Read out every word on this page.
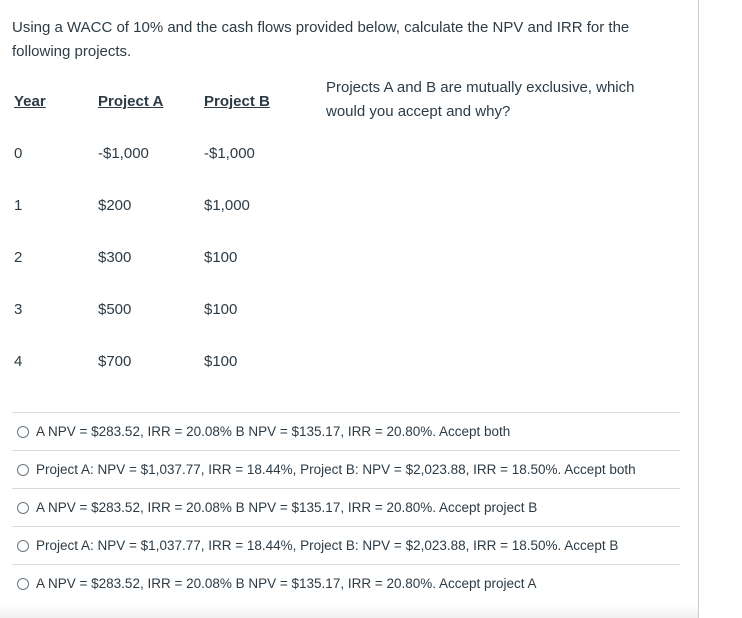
Using a WACC of 10% and the cash flows provided below, calculate the NPV and IRR for the following projects.
Projects A and B are mutually exclusive, which would you accept and why?
Year	Project A	Project B
0	-$1,000	-$1,000
1	$200	$1,000
2	$300	$100
3	$500	$100
4	$700	$100
A NPV = $283.52, IRR = 20.08% B NPV = $135.17, IRR = 20.80%. Accept both
Project A: NPV = $1,037.77, IRR = 18.44%, Project B: NPV = $2,023.88, IRR = 18.50%. Accept both
A NPV = $283.52, IRR = 20.08% B NPV = $135.17, IRR = 20.80%. Accept project B
Project A: NPV = $1,037.77, IRR = 18.44%, Project B: NPV = $2,023.88, IRR = 18.50%. Accept B
A NPV = $283.52, IRR = 20.08% B NPV = $135.17, IRR = 20.80%. Accept project A
